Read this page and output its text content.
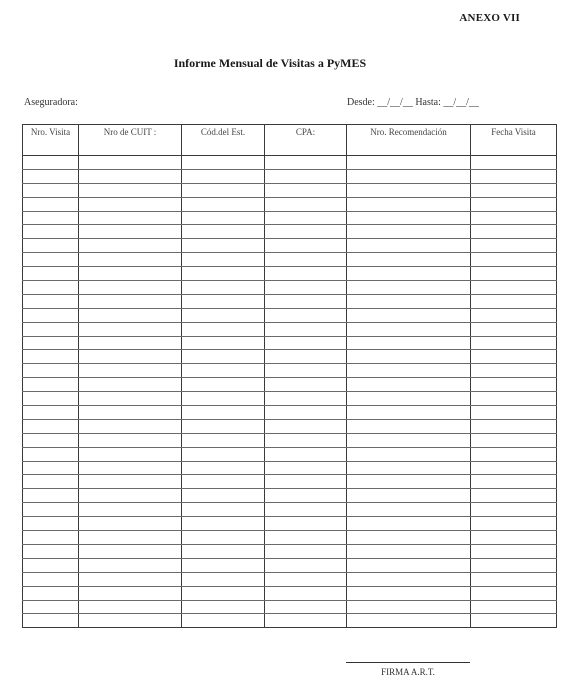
ANEXO VII
Informe Mensual de Visitas a PyMES
Aseguradora:	Desde: __/__/__ Hasta: __/__/__
Nro. Visita	Nro de CUIT :	Cód.del Est.	CPA:	Nro. Recomendación	Fecha Visita

FIRMA A.R.T.
